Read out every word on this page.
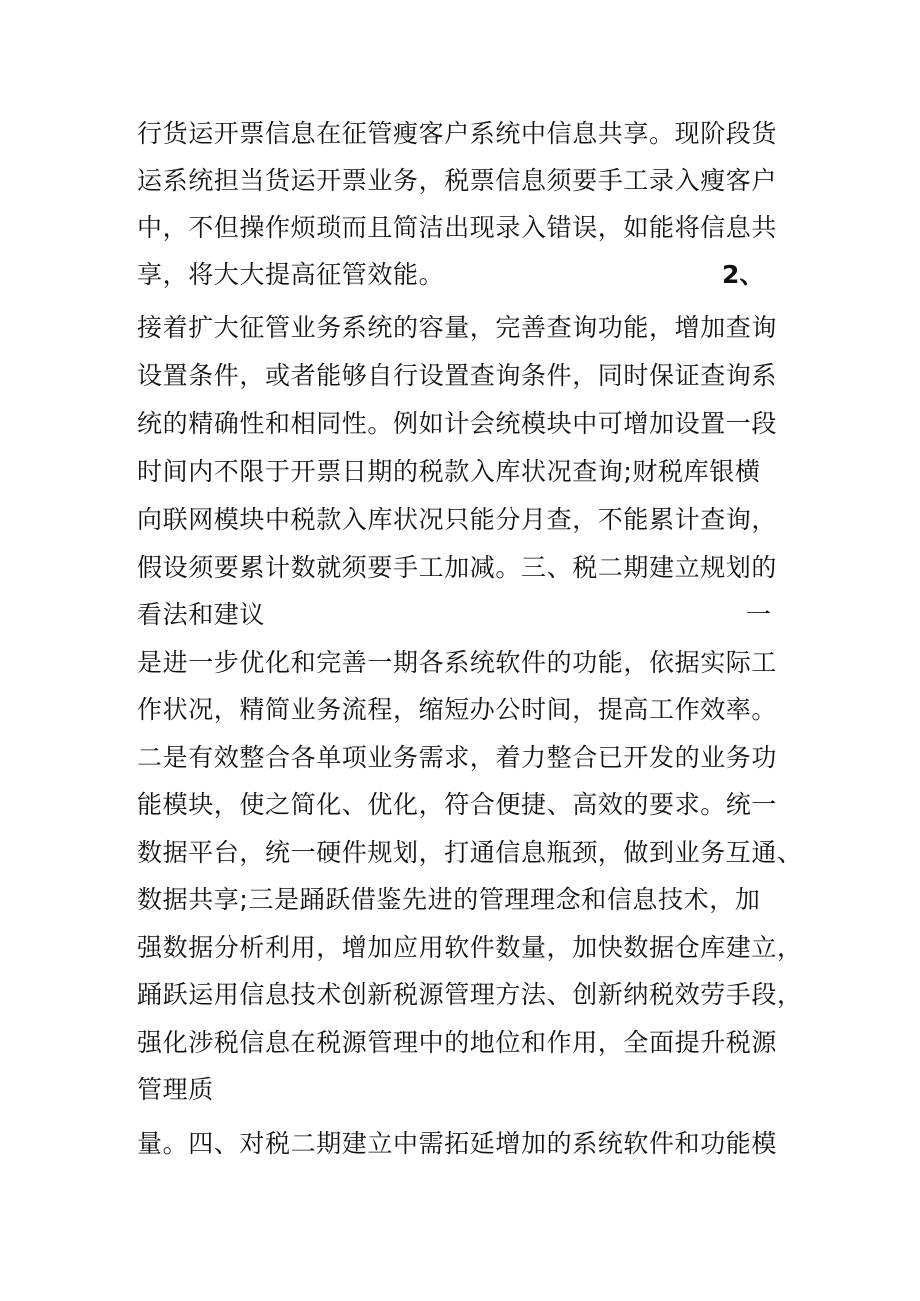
行货运开票信息在征管瘦客户系统中信息共享。现阶段货
运系统担当货运开票业务，税票信息须要手工录入瘦客户
中，不但操作烦琐而且简洁出现录入错误，如能将信息共
享，将大大提高征管效能。	2、
接着扩大征管业务系统的容量，完善查询功能，增加查询
设置条件，或者能够自行设置查询条件，同时保证查询系
统的精确性和相同性。例如计会统模块中可增加设置一段
时间内不限于开票日期的税款入库状况查询;财税库银横
向联网模块中税款入库状况只能分月查，不能累计查询，
假设须要累计数就须要手工加减。三、税二期建立规划的
看法和建议	一
是进一步优化和完善一期各系统软件的功能，依据实际工
作状况，精简业务流程，缩短办公时间，提高工作效率。
二是有效整合各单项业务需求，着力整合已开发的业务功
能模块，使之简化、优化，符合便捷、高效的要求。统一
数据平台，统一硬件规划，打通信息瓶颈，做到业务互通、
数据共享;三是踊跃借鉴先进的管理理念和信息技术，加
强数据分析利用，增加应用软件数量，加快数据仓库建立，
踊跃运用信息技术创新税源管理方法、创新纳税效劳手段，
强化涉税信息在税源管理中的地位和作用，全面提升税源
管理质
量。四、对税二期建立中需拓延增加的系统软件和功能模
